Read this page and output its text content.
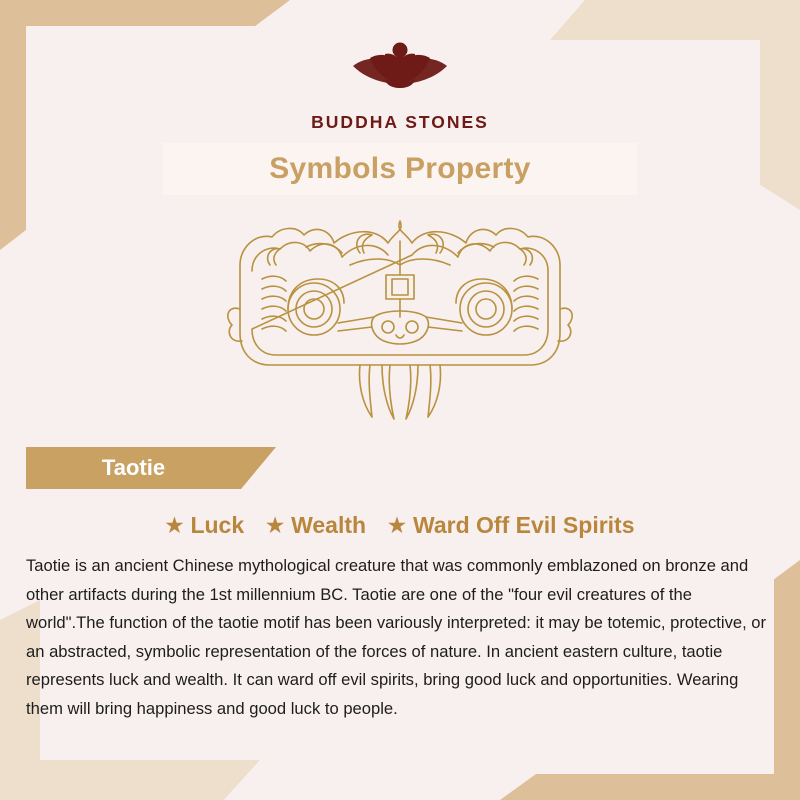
BUDDHA STONES
Symbols Property
Taotie
★ Luck ★ Wealth ★ Ward Off Evil Spirits
Taotie is an ancient Chinese mythological creature that was commonly emblazoned on bronze and other artifacts during the 1st millennium BC. Taotie are one of the "four evil creatures of the world".The function of the taotie motif has been variously interpreted: it may be totemic, protective, or an abstracted, symbolic representation of the forces of nature. In ancient eastern culture, taotie represents luck and wealth. It can ward off evil spirits, bring good luck and opportunities. Wearing them will bring happiness and good luck to people.
